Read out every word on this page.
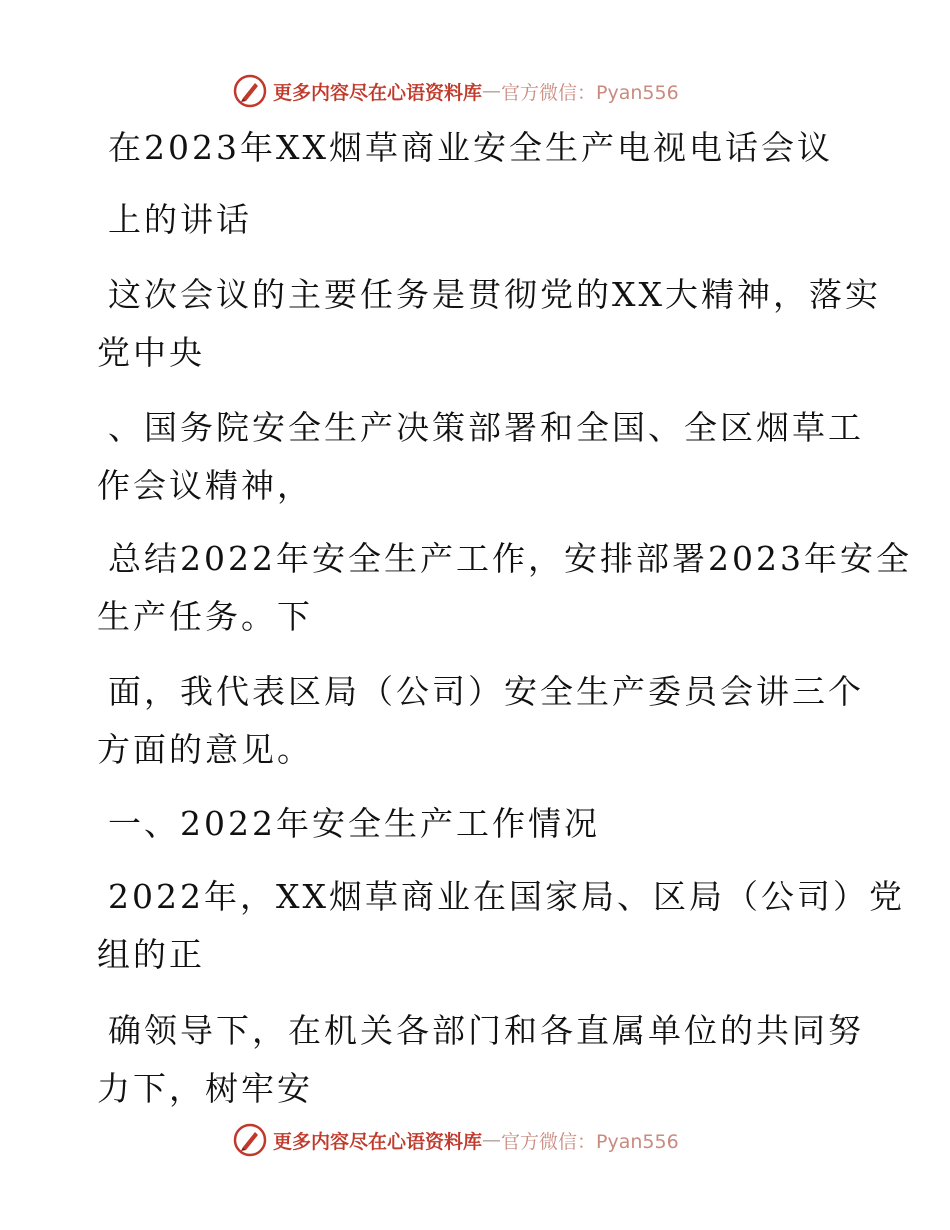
更多内容尽在心语资料库 — 官方微信：Pyan556
在2023年XX烟草商业安全生产电视电话会议
上的讲话
这次会议的主要任务是贯彻党的XX大精神，落实
党中央
、国务院安全生产决策部署和全国、全区烟草工
作会议精神，
总结2022年安全生产工作，安排部署2023年安全
生产任务。下
面，我代表区局（公司）安全生产委员会讲三个
方面的意见。
一、2022年安全生产工作情况
2022年，XX烟草商业在国家局、区局（公司）党
组的正
确领导下，在机关各部门和各直属单位的共同努
力下，树牢安
更多内容尽在心语资料库 — 官方微信：Pyan556
